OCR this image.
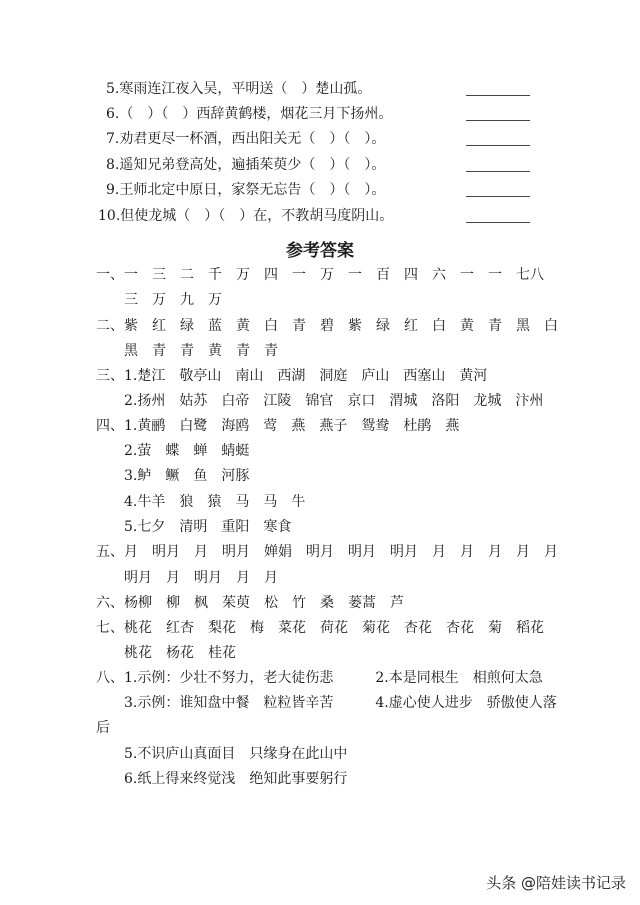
5.寒雨连江夜入吴，平明送（　）楚山孤。
6.（　）（　）西辞黄鹤楼，烟花三月下扬州。
7.劝君更尽一杯酒，西出阳关无（　）（　）。
8.遥知兄弟登高处，遍插茱萸少（　）（　）。
9.王师北定中原日，家祭无忘告（　）（　）。
10.但使龙城（　）（　）在，不教胡马度阴山。
参考答案
一、一　三　二　千　万　四　一　万　一　百　四　六　一　一　七八
　　三　万　九　万
二、紫　红　绿　蓝　黄　白　青　碧　紫　绿　红　白　黄　青　黑　白
　　黑　青　青　黄　青　青
三、1.楚江　敬亭山　南山　西湖　洞庭　庐山　西塞山　黄河
　　2.扬州　姑苏　白帝　江陵　锦官　京口　渭城　洛阳　龙城　汴州
四、1.黄鹂　白鹭　海鸥　莺　燕　燕子　鸳鸯　杜鹃　燕
　　2.萤　蝶　蝉　蜻蜓
　　3.鲈　鳜　鱼　河豚
　　4.牛羊　狼　猿　马　马　牛
　　5.七夕　清明　重阳　寒食
五、月　明月　月　明月　婵娟　明月　明月　明月　月　月　月　月　月
　　明月　月　明月　月　月
六、杨柳　柳　枫　茱萸　松　竹　桑　蒌蒿　芦
七、桃花　红杏　梨花　梅　菜花　荷花　菊花　杏花　杏花　菊　稻花
　　桃花　杨花　桂花
八、1.示例：少壮不努力，老大徒伤悲　　　2.本是同根生　相煎何太急
　　3.示例：谁知盘中餐　粒粒皆辛苦　　　4.虚心使人进步　骄傲使人落
后
　　5.不识庐山真面目　只缘身在此山中
　　6.纸上得来终觉浅　绝知此事要躬行
头条 @陪娃读书记录
